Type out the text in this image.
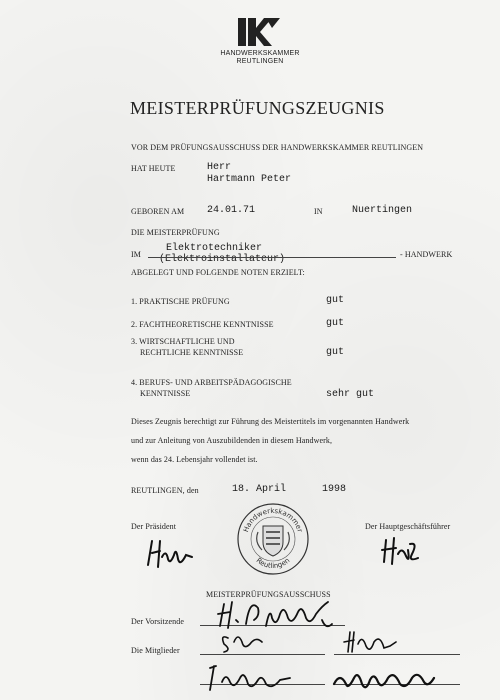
HANDWERKSKAMMER
REUTLINGEN
MEISTERPRÜFUNGSZEUGNIS
VOR DEM PRÜFUNGSAUSSCHUSS DER HANDWERKSKAMMER REUTLINGEN
HAT HEUTE	Herr
Hartmann Peter
GEBOREN AM 24.01.71	IN	Nuertingen
DIE MEISTERPRÜFUNG
IM
Elektrotechniker
(Elektroinstallateur)	- HANDWERK
ABGELEGT UND FOLGENDE NOTEN ERZIELT:
1. PRAKTISCHE PRÜFUNG	gut
2. FACHTHEORETISCHE KENNTNISSE	gut
3. WIRTSCHAFTLICHE UND
RECHTLICHE KENNTNISSE	gut
4. BERUFS- UND ARBEITSPÄDAGOGISCHE
KENNTNISSE	sehr gut
Dieses Zeugnis berechtigt zur Führung des Meistertitels im vorgenannten Handwerk
und zur Anleitung von Auszubildenden in diesem Handwerk,
wenn das 24. Lebensjahr vollendet ist.
REUTLINGEN, den	18. April	1998
Der Präsident	Der Hauptgeschäftsführer
Handwerkskammer
Reutlingen
MEISTERPRÜFUNGSAUSSCHUSS
Der Vorsitzende
Die Mitglieder
